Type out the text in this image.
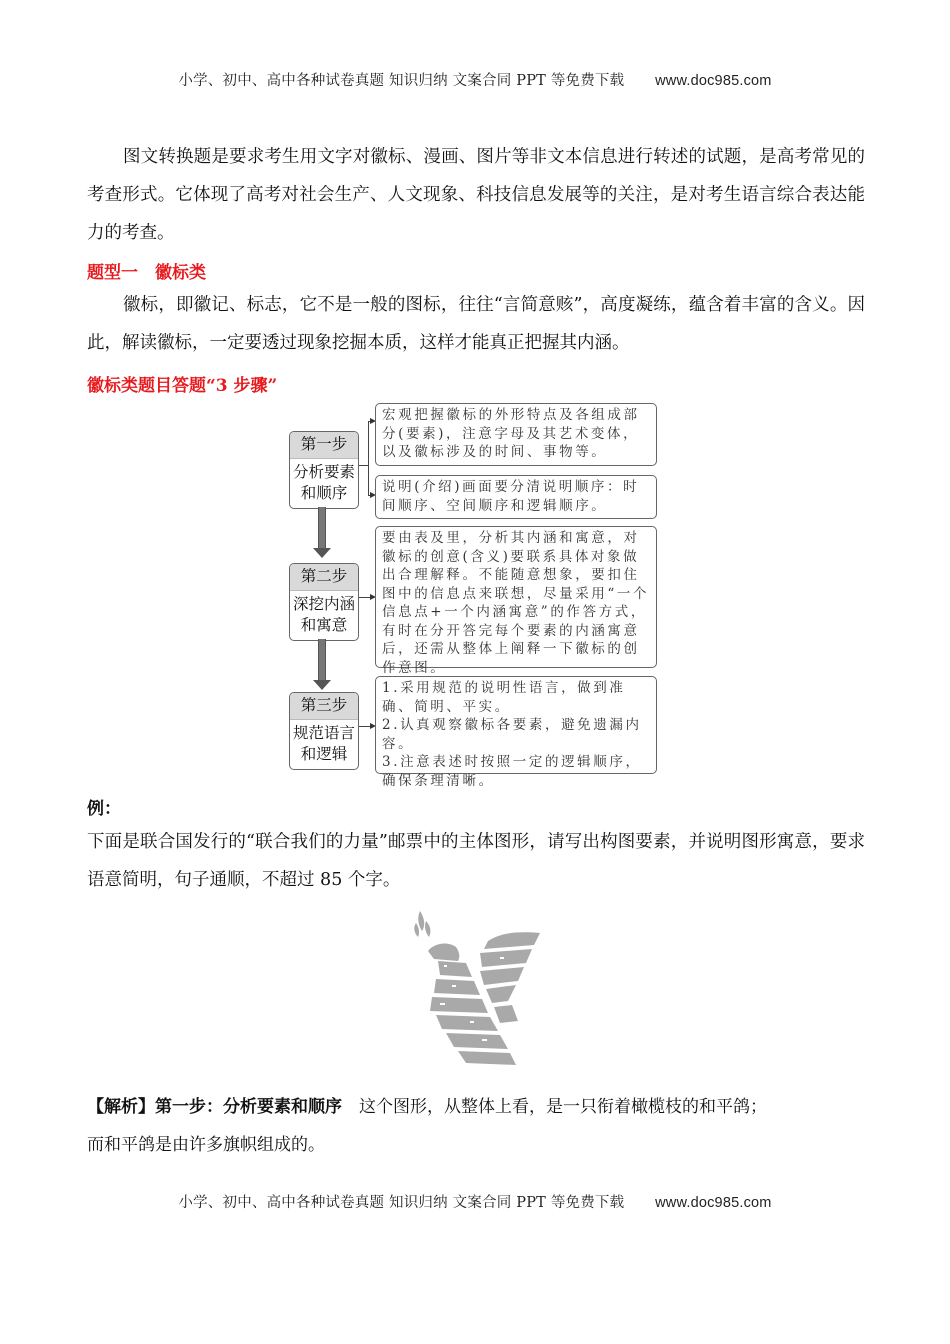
小学、初中、高中各种试卷真题 知识归纳 文案合同 PPT 等免费下载 www.doc985.com
图文转换题是要求考生用文字对徽标、漫画、图片等非文本信息进行转述的试题，是高考常见的考查形式。它体现了高考对社会生产、人文现象、科技信息发展等的关注，是对考生语言综合表达能力的考查。
题型一　徽标类
徽标，即徽记、标志，它不是一般的图标，往往“言简意赅”，高度凝练，蕴含着丰富的含义。因此，解读徽标，一定要透过现象挖掘本质，这样才能真正把握其内涵。
徽标类题目答题“3 步骤”
第一步
分析要素
和顺序
宏观把握徽标的外形特点及各组成部分(要素)，注意字母及其艺术变体，以及徽标涉及的时间、事物等。
说明(介绍)画面要分清说明顺序：时间顺序、空间顺序和逻辑顺序。
第二步
深挖内涵
和寓意
要由表及里，分析其内涵和寓意，对徽标的创意(含义)要联系具体对象做出合理解释。不能随意想象，要扣住图中的信息点来联想，尽量采用“一个信息点+一个内涵寓意”的作答方式，有时在分开答完每个要素的内涵寓意后，还需从整体上阐释一下徽标的创作意图。
第三步
规范语言
和逻辑
1.采用规范的说明性语言，做到准确、简明、平实。
2.认真观察徽标各要素，避免遗漏内容。
3.注意表述时按照一定的逻辑顺序，确保条理清晰。
例：
下面是联合国发行的“联合我们的力量”邮票中的主体图形，请写出构图要素，并说明图形寓意，要求语意简明，句子通顺，不超过 85 个字。
【解析】第一步：分析要素和顺序　这个图形，从整体上看，是一只衔着橄榄枝的和平鸽；
而和平鸽是由许多旗帜组成的。
小学、初中、高中各种试卷真题 知识归纳 文案合同 PPT 等免费下载 www.doc985.com
